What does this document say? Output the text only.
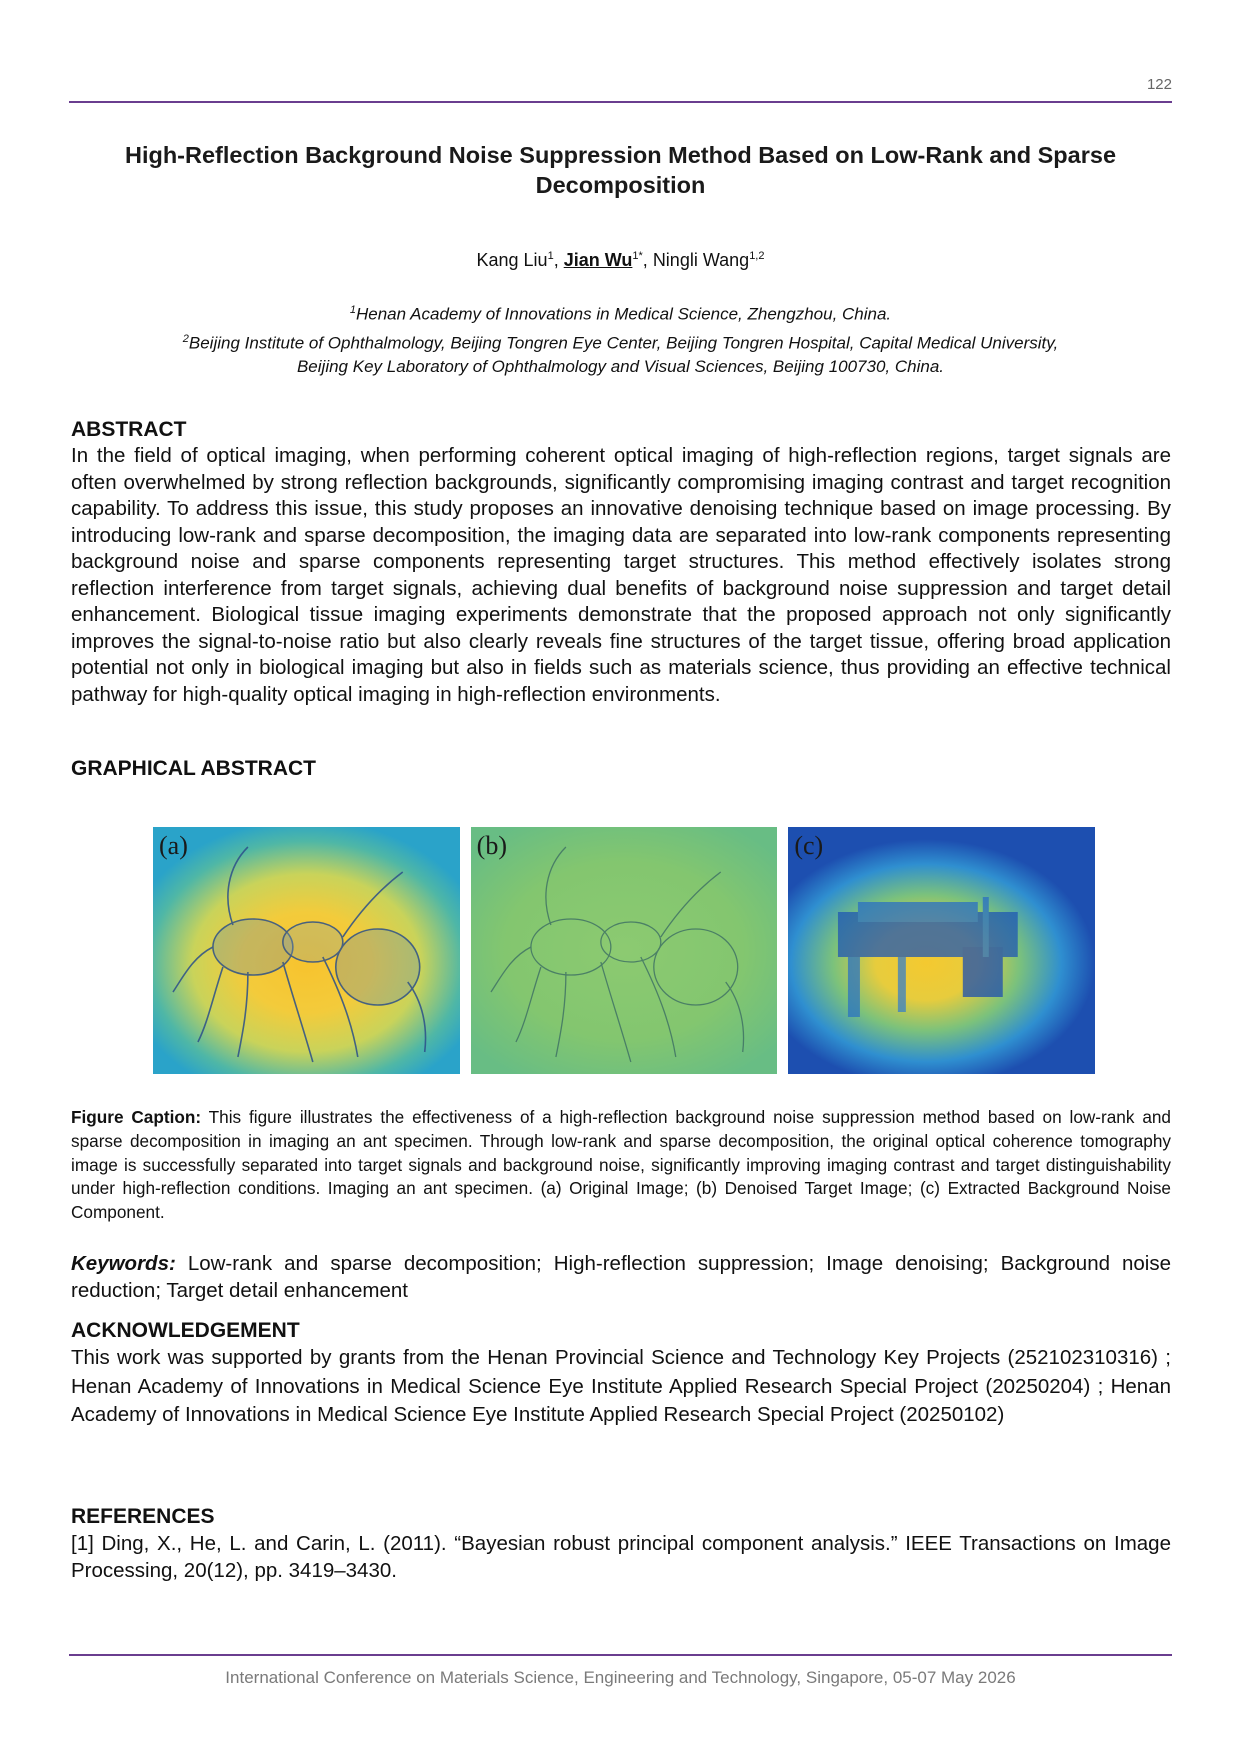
122
High-Reflection Background Noise Suppression Method Based on Low-Rank and Sparse
Decomposition
Kang Liu$^1$, Jian $Wu^{1*}$, Ningli Wang$^{1,2}$
$^1$Henan Academy of Innovations in Medical Science, Zhengzhou, China.
$^2$Beijing Institute of Ophthalmology, Beijing Tongren Eye Center, Beijing Tongren Hospital, Capital Medical University,
Beijing Key Laboratory of Ophthalmology and Visual Sciences, Beijing 100730, China.
ABSTRACT
In the field of optical imaging, when performing coherent optical imaging of high-reflection regions, target signals are often overwhelmed by strong reflection backgrounds, significantly compromising imaging contrast and target recognition capability. To address this issue, this study proposes an innovative denoising technique based on image processing. By introducing low-rank and sparse decomposition, the imaging data are separated into low-rank components representing background noise and sparse components representing target structures. This method effectively isolates strong reflection interference from target signals, achieving dual benefits of background noise suppression and target detail enhancement. Biological tissue imaging experiments demonstrate that the proposed approach not only significantly improves the signal-to-noise ratio but also clearly reveals fine structures of the target tissue, offering broad application potential not only in biological imaging but also in fields such as materials science, thus providing an effective technical pathway for high-quality optical imaging in high-reflection environments.
GRAPHICAL ABSTRACT
(a)	(b)	(c)
Figure Caption: This figure illustrates the effectiveness of a high-reflection background noise suppression method based on low-rank and sparse decomposition in imaging an ant specimen. Through low-rank and sparse decomposition, the original optical coherence tomography image is successfully separated into target signals and background noise, significantly improving imaging contrast and target distinguishability under high-reflection conditions. Imaging an ant specimen. (a) Original Image; (b) Denoised Target Image; (c) Extracted Background Noise Component.
Keywords: Low-rank and sparse decomposition; High-reflection suppression; Image denoising; Background noise reduction; Target detail enhancement
ACKNOWLEDGEMENT
This work was supported by grants from the Henan Provincial Science and Technology Key Projects (252102310316) ; Henan Academy of Innovations in Medical Science Eye Institute Applied Research Special Project (20250204) ; Henan Academy of Innovations in Medical Science Eye Institute Applied Research Special Project (20250102)
REFERENCES
[1] Ding, X., He, L. and Carin, L. (2011). “Bayesian robust principal component analysis.” IEEE Transactions on Image Processing, 20(12), pp. 3419–3430.
International Conference on Materials Science, Engineering and Technology, Singapore, 05-07 May 2026
